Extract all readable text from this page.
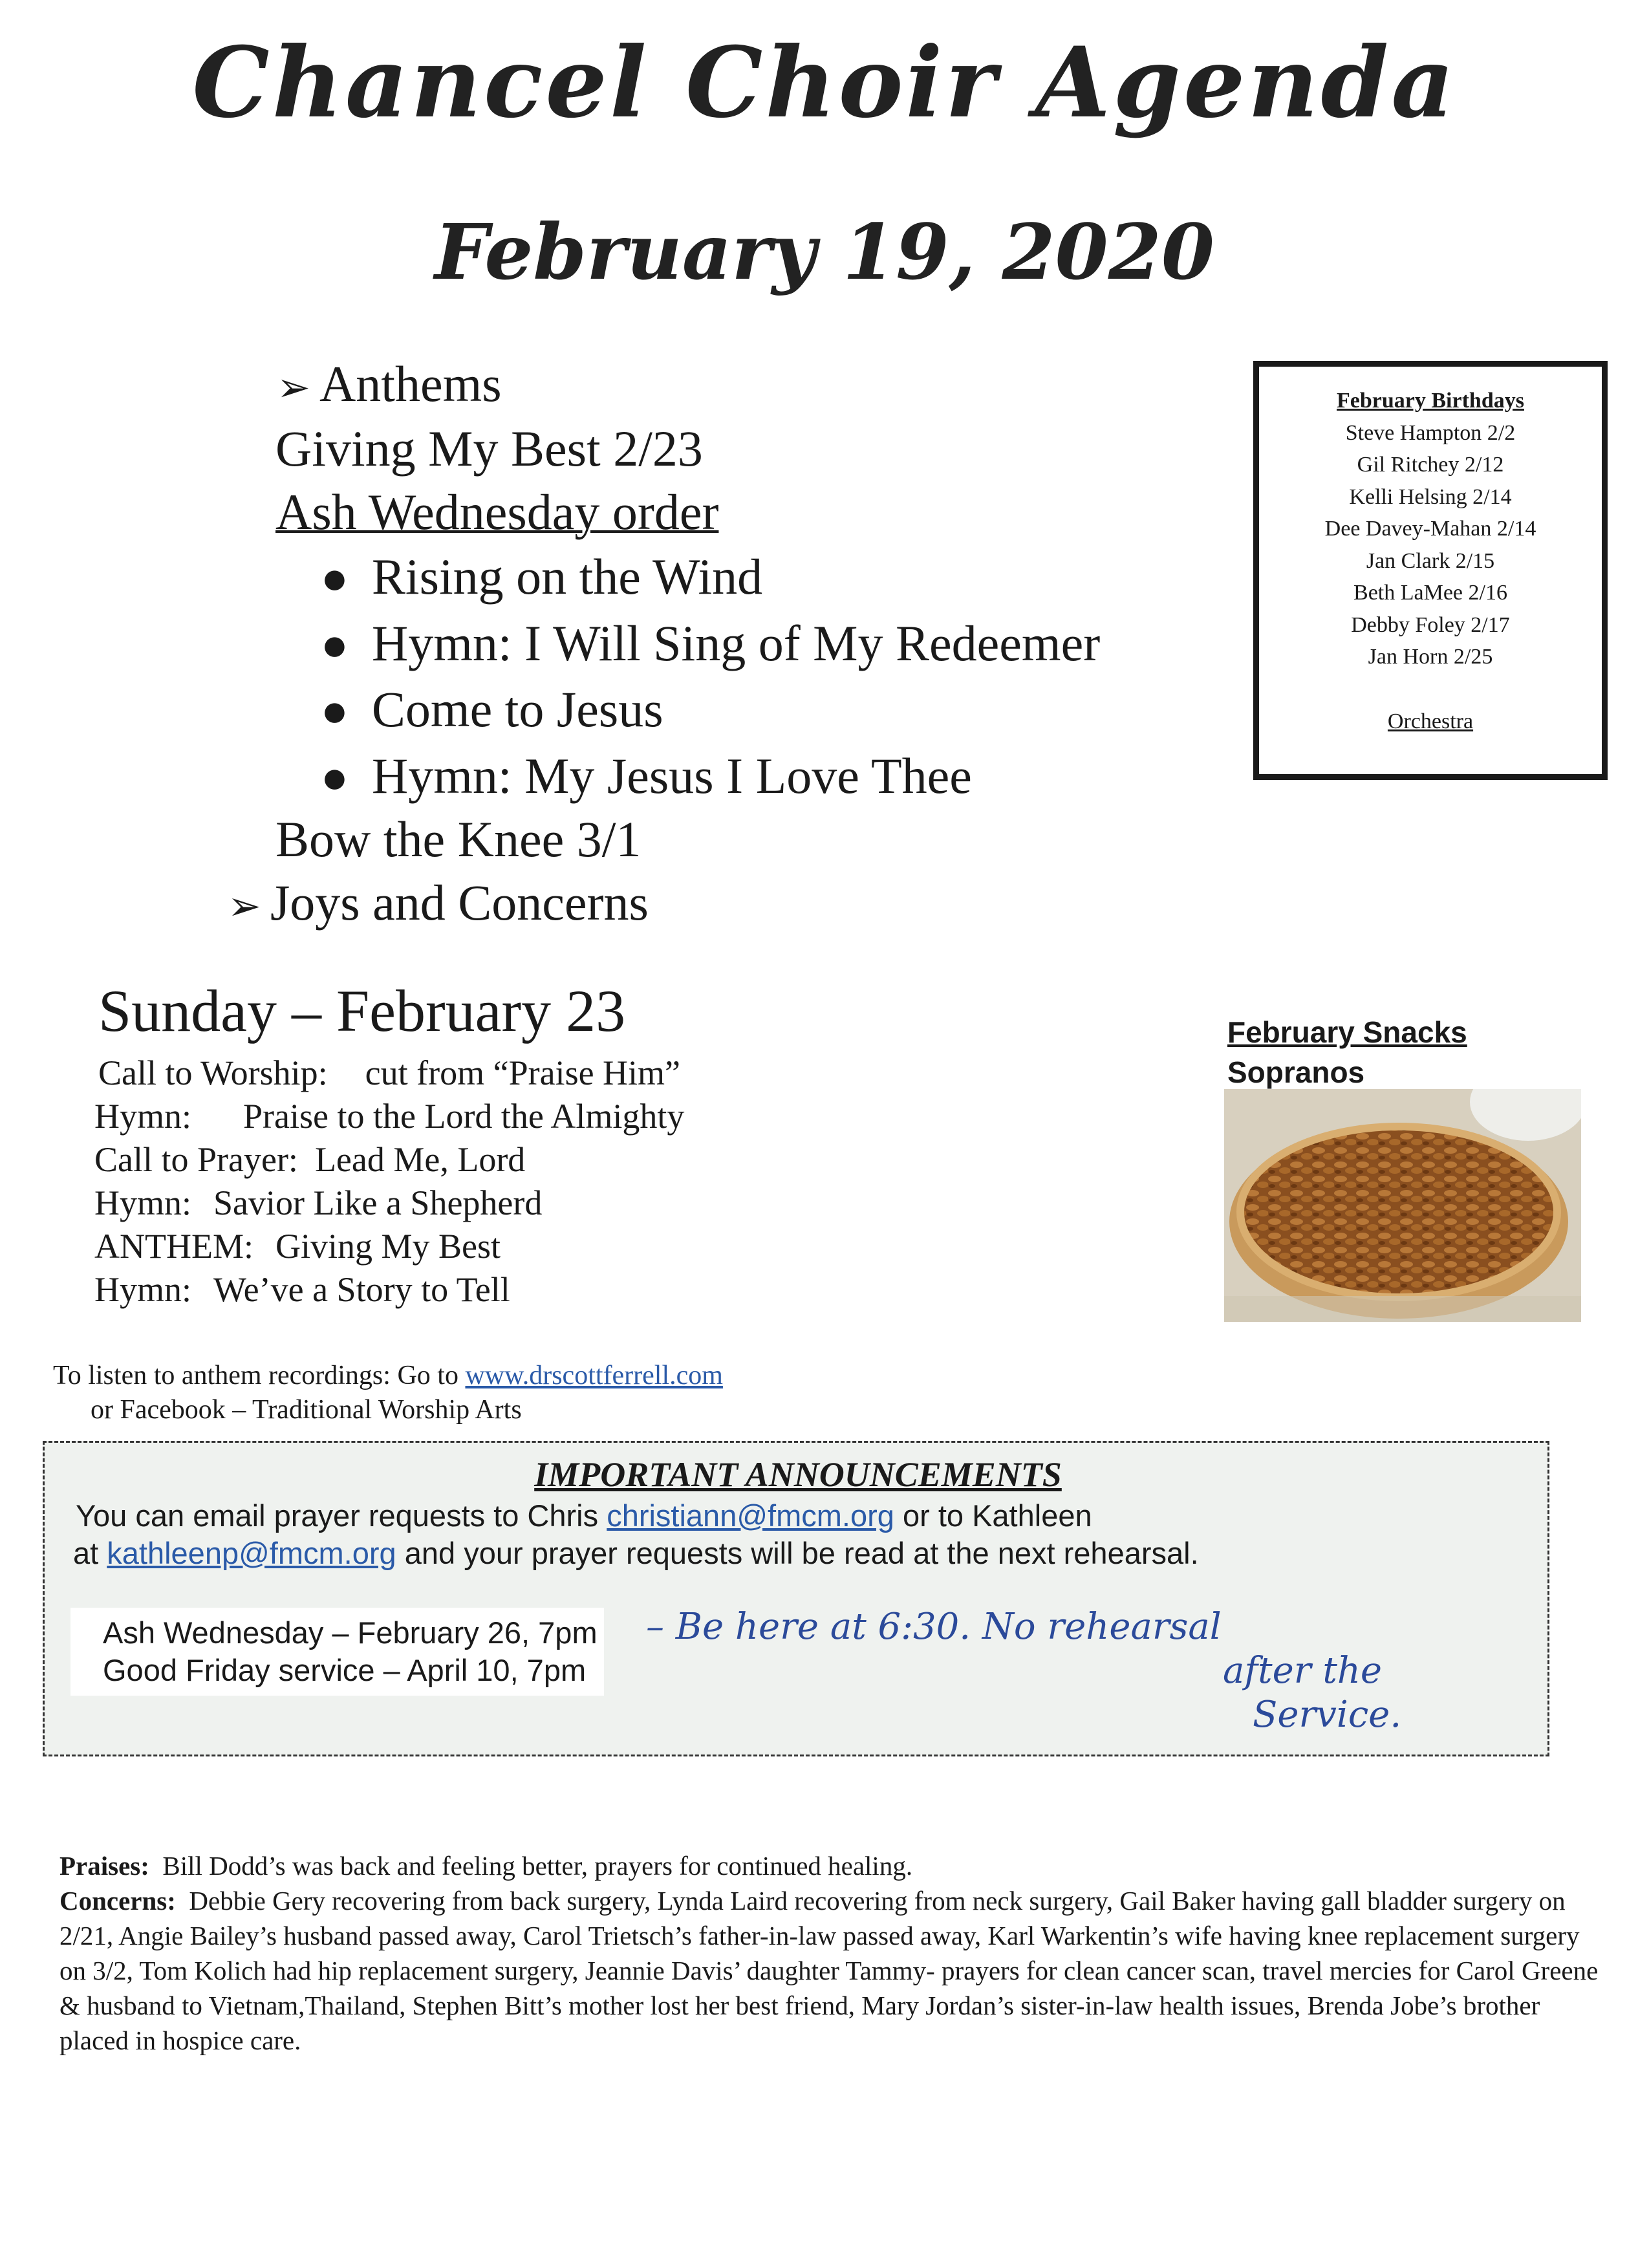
Chancel Choir Agenda
February 19, 2020
➢ Anthems
Giving My Best 2/23
Ash Wednesday order
● Rising on the Wind
● Hymn: I Will Sing of My Redeemer
● Come to Jesus
● Hymn: My Jesus I Love Thee
Bow the Knee 3/1
➢ Joys and Concerns
February Birthdays
Steve Hampton 2/2
Gil Ritchey 2/12
Kelli Helsing 2/14
Dee Davey-Mahan 2/14
Jan Clark 2/15
Beth LaMee 2/16
Debby Foley 2/17
Jan Horn 2/25
Orchestra
Sunday – February 23
Call to Worship: cut from “Praise Him”
Hymn: Praise to the Lord the Almighty
Call to Prayer: Lead Me, Lord
Hymn: Savior Like a Shepherd
ANTHEM: Giving My Best
Hymn: We’ve a Story to Tell
February Snacks
Sopranos
To listen to anthem recordings: Go to www.drscottferrell.com
or Facebook – Traditional Worship Arts
IMPORTANT ANNOUNCEMENTS
You can email prayer requests to Chris christiann@fmcm.org or to Kathleen
at kathleenp@fmcm.org and your prayer requests will be read at the next rehearsal.
Ash Wednesday – February 26, 7pm
Good Friday service – April 10, 7pm
– Be here at 6:30. No rehearsal
after the
Service.
Praises: Bill Dodd’s was back and feeling better, prayers for continued healing.
Concerns: Debbie Gery recovering from back surgery, Lynda Laird recovering from neck surgery, Gail Baker having gall bladder surgery on 2/21, Angie Bailey’s husband passed away, Carol Trietsch’s father-in-law passed away, Karl Warkentin’s wife having knee replacement surgery on 3/2, Tom Kolich had hip replacement surgery, Jeannie Davis’ daughter Tammy- prayers for clean cancer scan, travel mercies for Carol Greene & husband to Vietnam,Thailand, Stephen Bitt’s mother lost her best friend, Mary Jordan’s sister-in-law health issues, Brenda Jobe’s brother placed in hospice care.
